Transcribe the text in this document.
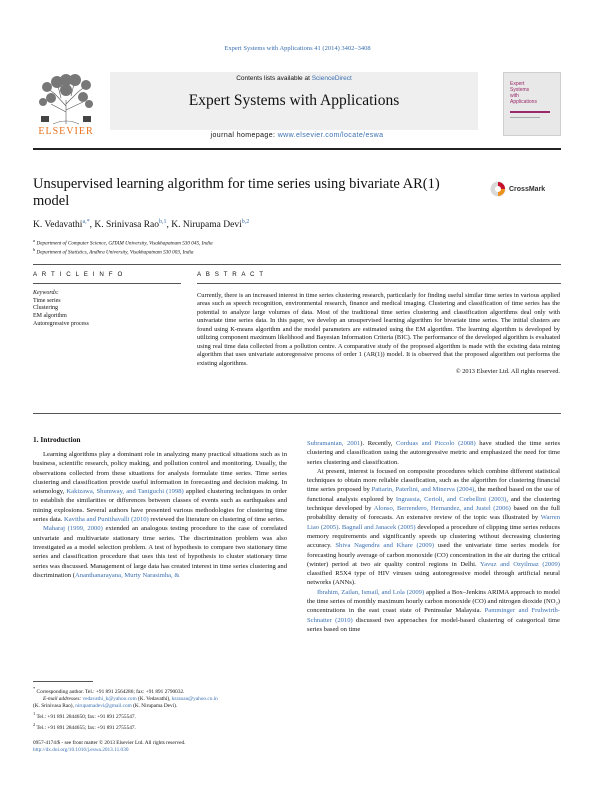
Expert Systems with Applications 41 (2014) 3402–3408
ELSEVIER
Contents lists available at ScienceDirect
Expert Systems with Applications
journal homepage: www.elsevier.com/locate/eswa
Expert
Systems
with
Applications
Unsupervised learning algorithm for time series using bivariate AR(1) model
CrossMark
K. Vedavathi$^{a,*}$, K. Srinivasa Rao$^{b,1}$, K. Nirupama Devi$^{b,2}$
$^a$ Department of Computer Science, GITAM University, Visakhapatnam 530 045, India
$^b$ Department of Statistics, Andhra University, Visakhapatnam 530 003, India
A R T I C L E I N F O
Keywords:
Time series
Clustering
EM algorithm
Autoregressive process
A B S T R A C T
Currently, there is an increased interest in time series clustering research, particularly for finding useful similar time series in various applied areas such as speech recognition, environmental research, finance and medical imaging. Clustering and classification of time series has the potential to analyze large volumes of data. Most of the traditional time series clustering and classification algorithms deal only with univariate time series data. In this paper, we develop an unsupervised learning algorithm for bivariate time series. The initial clusters are found using K-means algorithm and the model parameters are estimated using the EM algorithm. The learning algorithm is developed by utilizing component maximum likelihood and Bayesian Information Criteria (BIC). The performance of the developed algorithm is evaluated using real time data collected from a pollution centre. A comparative study of the proposed algorithm is made with the existing data mining algorithm that uses univariate autoregressive process of order 1 (AR(1)) model. It is observed that the proposed algorithm out performs the existing algorithms.
© 2013 Elsevier Ltd. All rights reserved.
1. Introduction

Learning algorithms play a dominant role in analyzing many practical situations such as in business, scientific research, policy making, and pollution control and monitoring. Usually, the observations collected from these situations for analysis formulate time series. Time series clustering and classification provide useful information in forecasting and decision making. In seismology, Kakizawa, Shumway, and Taniguchi (1998) applied clustering techniques in order to establish the similarities or differences between classes of events such as earthquakes and mining explosions. Several authors have presented various methodologies for clustering time series data. Kavitha and Punithavalli (2010) reviewed the literature on clustering of time series.

Maharaj (1999, 2000) extended an analogous testing procedure to the case of correlated univariate and multivariate stationary time series. The discrimination problem was also investigated as a model selection problem. A test of hypothesis to compare two stationary time series and classification procedure that uses this test of hypothesis to cluster stationary time series was discussed. Management of large data has created interest in time series clustering and discrimination (Ananthanarayana, Murty Narasimha, &

Subramanian, 2001). Recently, Corduas and Piccolo (2008) have studied the time series clustering and classification using the autoregressive metric and emphasized the need for time series clustering and classification.

At present, interest is focused on composite procedures which combine different statistical techniques to obtain more reliable classification, such as the algorithm for clustering financial time series proposed by Pattarin, Paterlini, and Minerva (2004), the method based on the use of functional analysis explored by Ingrassia, Cerioli, and Corbellini (2003), and the clustering technique developed by Alonso, Berrendero, Hernandez, and Justel (2006) based on the full probability density of forecasts. An extensive review of the topic was illustrated by Warren Liao (2005). Bagnall and Janacek (2005) developed a procedure of clipping time series reduces memory requirements and significantly speeds up clustering without decreasing clustering accuracy. Shiva Nagendra and Khare (2009) used the univariate time series models for forecasting hourly average of carbon monoxide (CO) concentration in the air during the critical (winter) period at two air quality control regions in Delhi. Yavuz and Ozyilmaz (2009) classified R5X4 type of HIV viruses using autoregressive model through artificial neural networks (ANNs).

Ibrahim, Zailan, Ismail, and Lola (2009) applied a Box–Jenkins ARIMA approach to model the time series of monthly maximum hourly carbon monoxide (CO) and nitrogen dioxide (NO₂) concentrations in the east coast state of Peninsular Malaysia. Pamminger and Fruhwirth-Schnatter (2010) discussed two approaches for model-based clustering of categorical time series based on time

* Corresponding author. Tel.: +91 891 2564286; fax: +91 891 2790032.
E-mail addresses: vedavathi_k@yahoo.com (K. Vedavathi), ksraoau@yahoo.co.in
(K. Srinivasa Rao), nirupamadevi@gmail.com (K. Nirupama Devi).
$^1$ Tel.: +91 891 2844650; fax: +91 891 2755547.
$^2$ Tel.: +91 891 2844655; fax: +91 891 2755547.
0957-4174/$ - see front matter © 2013 Elsevier Ltd. All rights reserved.
http://dx.doi.org/10.1016/j.eswa.2013.11.030
